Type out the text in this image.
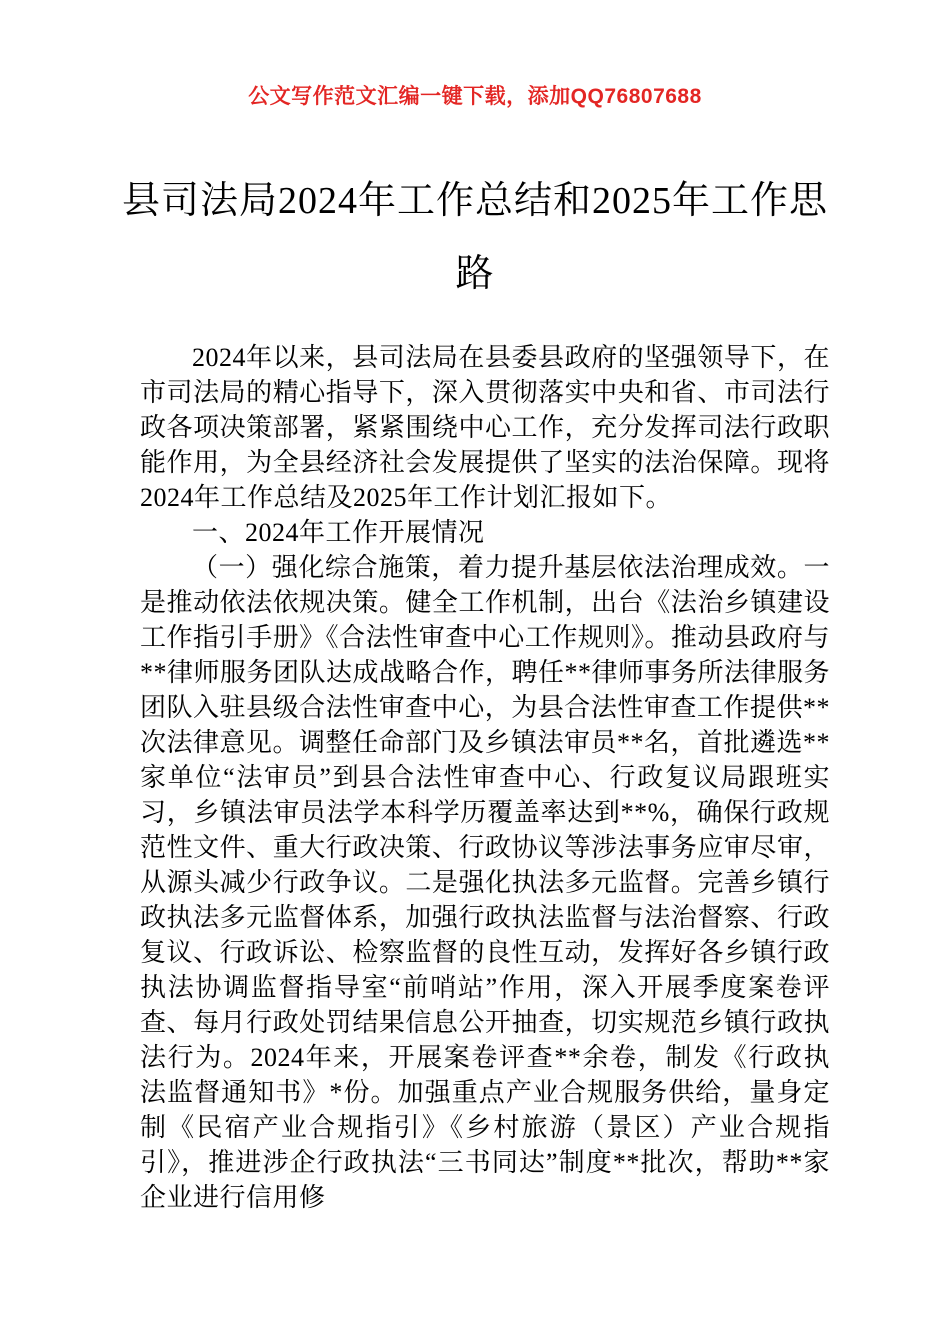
公文写作范文汇编一键下载，添加QQ76807688
县司法局2024年工作总结和2025年工作思
路

2024年以来，县司法局在县委县政府的坚强领导下，在市司法局的精心指导下，深入贯彻落实中央和省、市司法行政各项决策部署，紧紧围绕中心工作，充分发挥司法行政职能作用，为全县经济社会发展提供了坚实的法治保障。现将2024年工作总结及2025年工作计划汇报如下。

一、2024年工作开展情况

（一）强化综合施策，着力提升基层依法治理成效。一是推动依法依规决策。健全工作机制，出台《法治乡镇建设工作指引手册》《合法性审查中心工作规则》。推动县政府与**律师服务团队达成战略合作，聘任**律师事务所法律服务团队入驻县级合法性审查中心，为县合法性审查工作提供**次法律意见。调整任命部门及乡镇法审员**名，首批遴选**家单位“法审员”到县合法性审查中心、行政复议局跟班实习，乡镇法审员法学本科学历覆盖率达到**%，确保行政规范性文件、重大行政决策、行政协议等涉法事务应审尽审，从源头减少行政争议。二是强化执法多元监督。完善乡镇行政执法多元监督体系，加强行政执法监督与法治督察、行政复议、行政诉讼、检察监督的良性互动，发挥好各乡镇行政执法协调监督指导室“前哨站”作用，深入开展季度案卷评查、每月行政处罚结果信息公开抽查，切实规范乡镇行政执法行为。2024年来，开展案卷评查**余卷，制发《行政执法监督通知书》*份。加强重点产业合规服务供给，量身定制《民宿产业合规指引》《乡村旅游（景区）产业合规指引》，推进涉企行政执法“三书同达”制度**批次，帮助**家企业进行信用修
